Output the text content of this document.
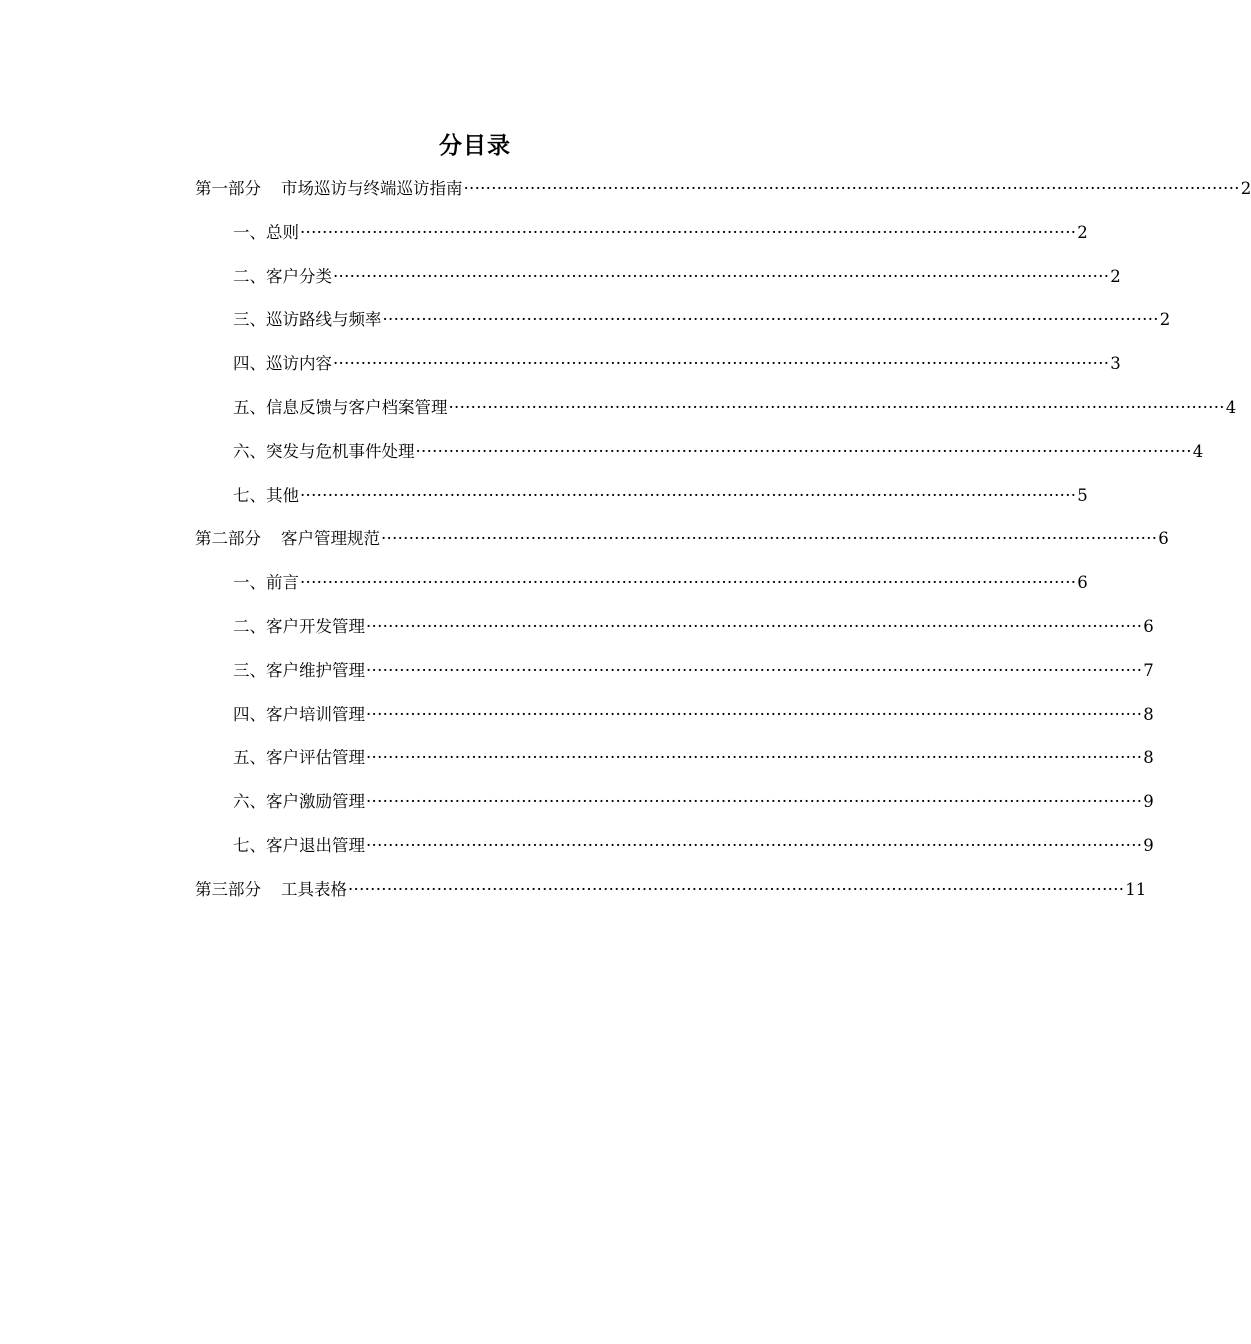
分目录
第一部分 市场巡访与终端巡访指南 ············································································································································ 2
一、总则 ············································································································································ 2
二、客户分类 ············································································································································ 2
三、巡访路线与频率 ············································································································································ 2
四、巡访内容 ············································································································································ 3
五、信息反馈与客户档案管理 ············································································································································ 4
六、突发与危机事件处理 ············································································································································ 4
七、其他 ············································································································································ 5
第二部分 客户管理规范 ············································································································································ 6
一、前言 ············································································································································ 6
二、客户开发管理 ············································································································································ 6
三、客户维护管理 ············································································································································ 7
四、客户培训管理 ············································································································································ 8
五、客户评估管理 ············································································································································ 8
六、客户激励管理 ············································································································································ 9
七、客户退出管理 ············································································································································ 9
第三部分 工具表格 ············································································································································ 11
